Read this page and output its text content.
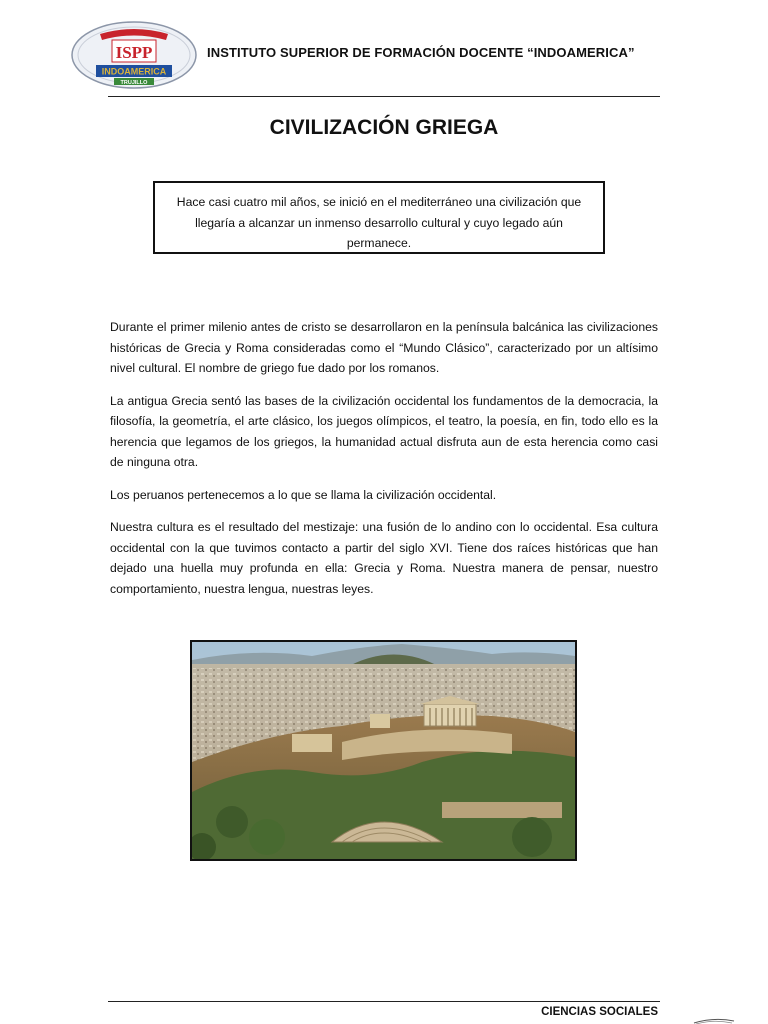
ISPP
INDOAMERICA
TRUJILLO
INSTITUTO SUPERIOR DE FORMACIÓN DOCENTE “INDOAMERICA”
CIVILIZACIÓN GRIEGA
Hace casi cuatro mil años, se inició en el mediterráneo una civilización que llegaría a alcanzar un inmenso desarrollo cultural y cuyo legado aún permanece.

Durante el primer milenio antes de cristo se desarrollaron en la península balcánica las civilizaciones históricas de Grecia y Roma consideradas como el “Mundo Clásico”, caracterizado por un altísimo nivel cultural. El nombre de griego fue dado por los romanos.

La antigua Grecia sentó las bases de la civilización occidental los fundamentos de la democracia, la filosofía, la geometría, el arte clásico, los juegos olímpicos, el teatro, la poesía, en fin, todo ello es la herencia que legamos de los griegos, la humanidad actual disfruta aun de esta herencia como casi de ninguna otra.

Los peruanos pertenecemos a lo que se llama la civilización occidental.

Nuestra cultura es el resultado del mestizaje: una fusión de lo andino con lo occidental. Esa cultura occidental con la que tuvimos contacto a partir del siglo XVI. Tiene dos raíces históricas que han dejado una huella muy profunda en ella: Grecia y Roma. Nuestra manera de pensar, nuestro comportamiento, nuestra lengua, nuestras leyes.

CIENCIAS SOCIALES
